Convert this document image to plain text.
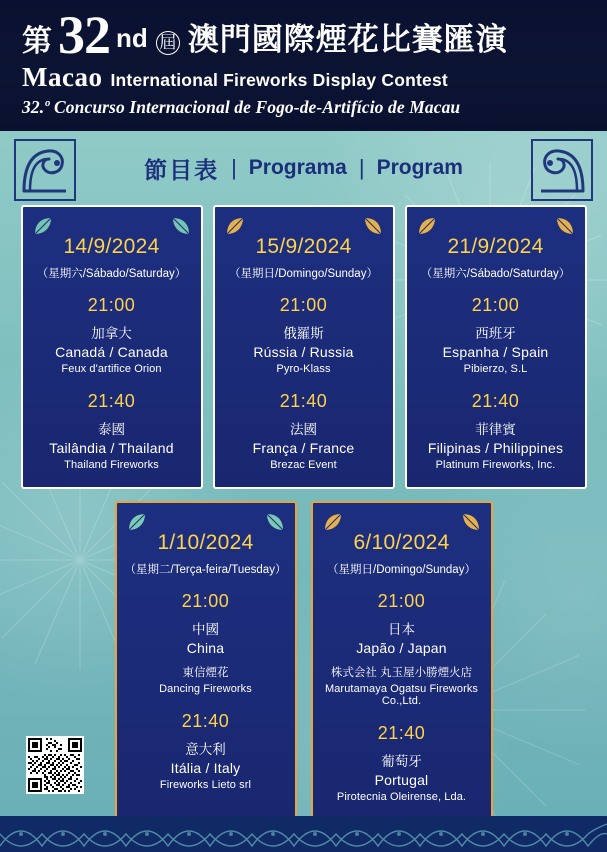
第 32 nd 屆 澳門國際煙花比賽匯演
Macao International Fireworks Display Contest
32.º Concurso Internacional de Fogo-de-Artifício de Macau
節目表 | Programa | Program
14/9/2024
（星期六/Sábado/Saturday）
21:00
加拿大
Canadá / Canada
Feux d'artifice Orion
21:40
泰國
Tailândia / Thailand
Thailand Fireworks
15/9/2024
（星期日/Domingo/Sunday）
21:00
俄羅斯
Rússia / Russia
Pyro-Klass
21:40
法國
França / France
Brezac Event
21/9/2024
（星期六/Sábado/Saturday）
21:00
西班牙
Espanha / Spain
Pibierzo, S.L
21:40
菲律賓
Filipinas / Philippines
Platinum Fireworks, Inc.
1/10/2024
（星期二/Terça-feira/Tuesday）
21:00
中國
China
東信煙花
Dancing Fireworks
21:40
意大利
Itália / Italy
Fireworks Lieto srl
6/10/2024
（星期日/Domingo/Sunday）
21:00
日本
Japão / Japan
株式会社 丸玉屋小勝煙火店
Marutamaya Ogatsu Fireworks Co.,Ltd.
21:40
葡萄牙
Portugal
Pirotecnia Oleirense, Lda.
